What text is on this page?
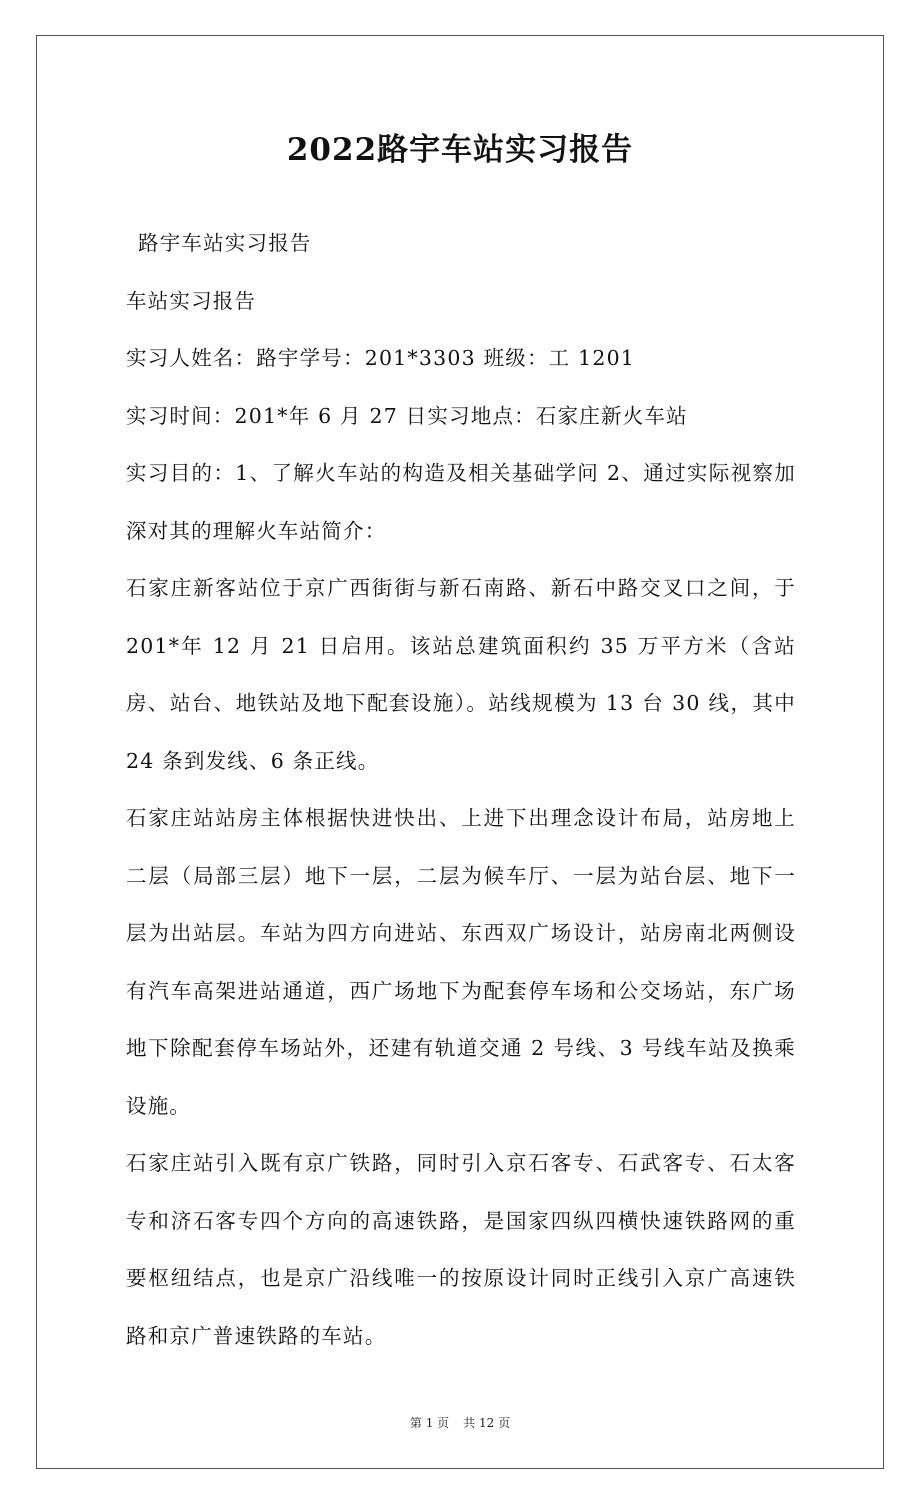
2022路宇车站实习报告

路宇车站实习报告

车站实习报告

实习人姓名：路宇学号：201*3303 班级：工 1201

实习时间：201*年 6 月 27 日实习地点：石家庄新火车站

实习目的：1、了解火车站的构造及相关基础学问 2、通过实际视察加深对其的理解火车站简介：

石家庄新客站位于京广西街街与新石南路、新石中路交叉口之间，于 201*年 12 月 21 日启用。该站总建筑面积约 35 万平方米（含站房、站台、地铁站及地下配套设施）。站线规模为 13 台 30 线，其中 24 条到发线、6 条正线。

石家庄站站房主体根据快进快出、上进下出理念设计布局，站房地上二层（局部三层）地下一层，二层为候车厅、一层为站台层、地下一层为出站层。车站为四方向进站、东西双广场设计，站房南北两侧设有汽车高架进站通道，西广场地下为配套停车场和公交场站，东广场地下除配套停车场站外，还建有轨道交通 2 号线、3 号线车站及换乘设施。

石家庄站引入既有京广铁路，同时引入京石客专、石武客专、石太客专和济石客专四个方向的高速铁路，是国家四纵四横快速铁路网的重要枢纽结点，也是京广沿线唯一的按原设计同时正线引入京广高速铁路和京广普速铁路的车站。

第 1 页 共 12 页
